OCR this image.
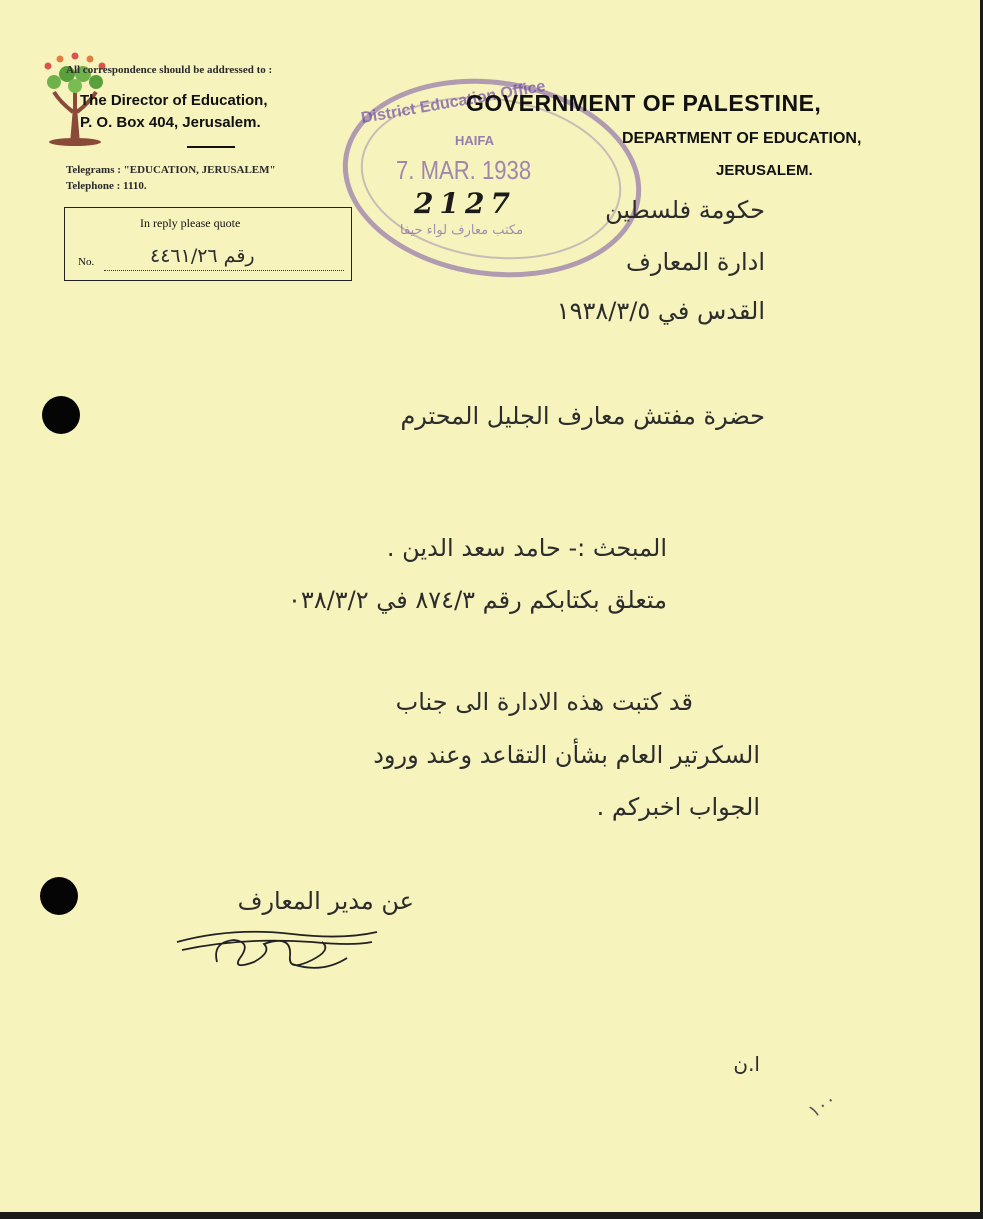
All correspondence should be addressed to :
The Director of Education,
P. O. Box 404, Jerusalem.
Telegrams : "EDUCATION, JERUSALEM"
Telephone : 1110.
In reply please quote
No.	رقم ٤٤٦١/٢٦
District Education Office
HAIFA
7. MAR. 1938
2127
مكتب معارف لواء حيفا
GOVERNMENT OF PALESTINE,
DEPARTMENT OF EDUCATION,
JERUSALEM.
حكومة فلسطين
ادارة المعارف
القدس في ١٩٣٨/٣/٥
حضرة مفتش معارف الجليل المحترم
المبحث :- حامد سعد الدين .
متعلق بكتابكم رقم ٨٧٤/٣ في ٠٣٨/٣/٢
قد كتبت هذه الادارة الى جناب
السكرتير العام بشأن التقاعد وعند ورود
الجواب اخبركم .
عن مدير المعارف
ا.ن
١٠٠
